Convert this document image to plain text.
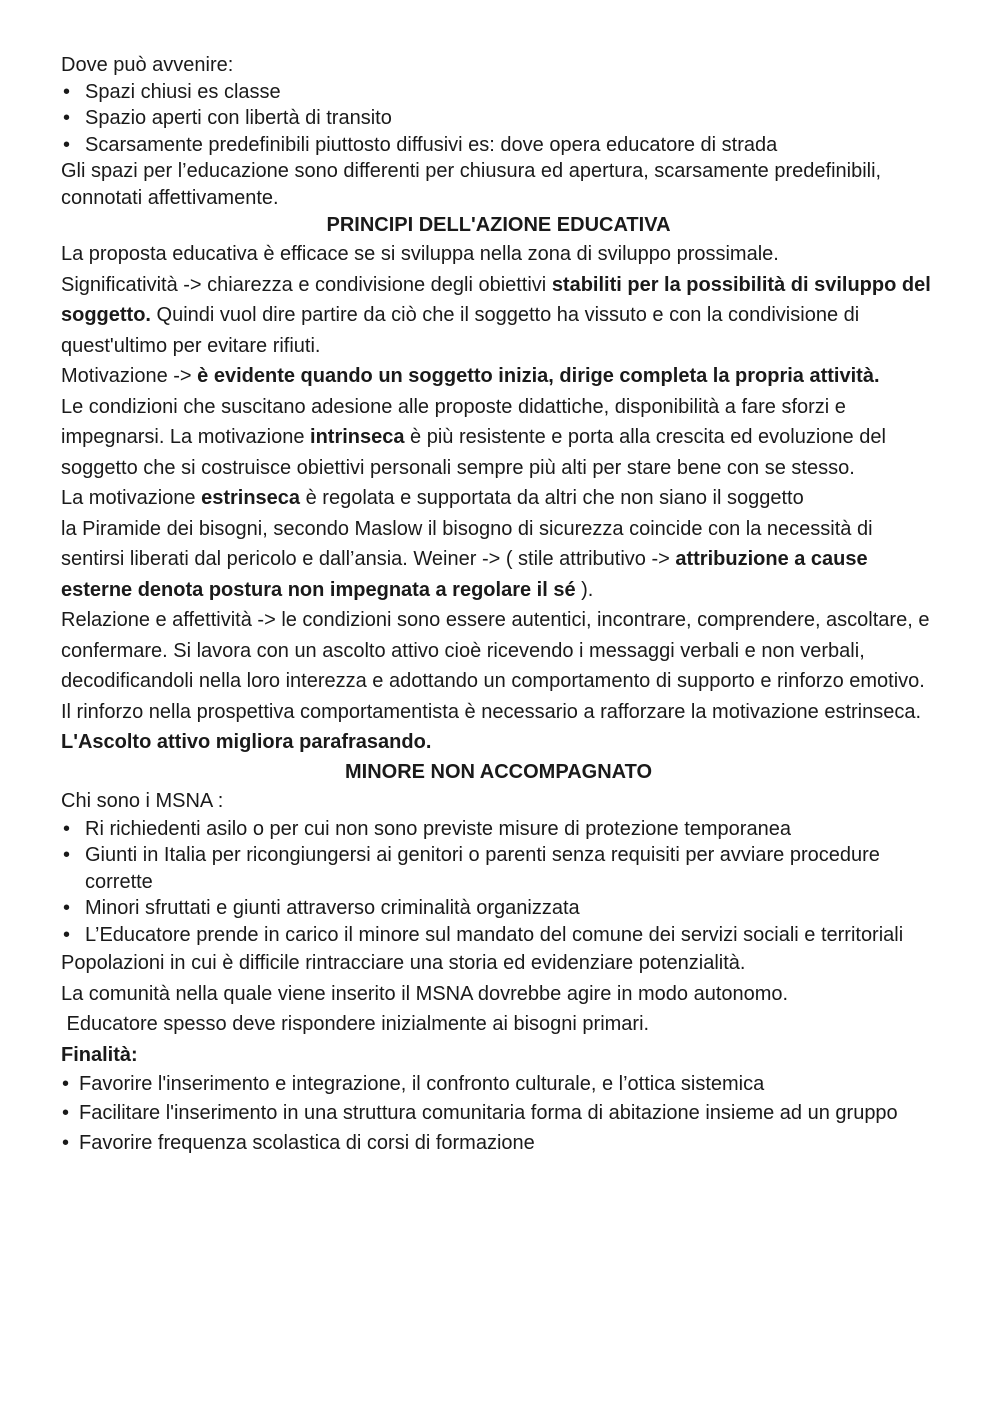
Dove può avvenire:

• Spazi chiusi es classe
• Spazio aperti con libertà di transito
• Scarsamente predefinibili piuttosto diffusivi es: dove opera educatore di strada

Gli spazi per l’educazione sono differenti per chiusura ed apertura, scarsamente predefinibili, connotati affettivamente.

PRINCIPI DELL'AZIONE EDUCATIVA

La proposta educativa è efficace se si sviluppa nella zona di sviluppo prossimale.

Significatività -> chiarezza e condivisione degli obiettivi stabiliti per la possibilità di sviluppo del soggetto. Quindi vuol dire partire da ciò che il soggetto ha vissuto e con la condivisione di quest'ultimo per evitare rifiuti.

Motivazione -> è evidente quando un soggetto inizia, dirige completa la propria attività.

Le condizioni che suscitano adesione alle proposte didattiche, disponibilità a fare sforzi e impegnarsi. La motivazione intrinseca è più resistente e porta alla crescita ed evoluzione del soggetto che si costruisce obiettivi personali sempre più alti per stare bene con se stesso.

La motivazione estrinseca è regolata e supportata da altri che non siano il soggetto

la Piramide dei bisogni, secondo Maslow il bisogno di sicurezza coincide con la necessità di sentirsi liberati dal pericolo e dall’ansia. Weiner -> ( stile attributivo -> attribuzione a cause esterne denota postura non impegnata a regolare il sé ).

Relazione e affettività -> le condizioni sono essere autentici, incontrare, comprendere, ascoltare, e confermare. Si lavora con un ascolto attivo cioè ricevendo i messaggi verbali e non verbali, decodificandoli nella loro interezza e adottando un comportamento di supporto e rinforzo emotivo. Il rinforzo nella prospettiva comportamentista è necessario a rafforzare la motivazione estrinseca. L'Ascolto attivo migliora parafrasando.

MINORE NON ACCOMPAGNATO

Chi sono i MSNA :

• Ri richiedenti asilo o per cui non sono previste misure di protezione temporanea
• Giunti in Italia per ricongiungersi ai genitori o parenti senza requisiti per avviare procedure corrette
• Minori sfruttati e giunti attraverso criminalità organizzata
• L’Educatore prende in carico il minore sul mandato del comune dei servizi sociali e territoriali

Popolazioni in cui è difficile rintracciare una storia ed evidenziare potenzialità.

La comunità nella quale viene inserito il MSNA dovrebbe agire in modo autonomo.

Educatore spesso deve rispondere inizialmente ai bisogni primari.

Finalità:

• Favorire l'inserimento e integrazione, il confronto culturale, e l’ottica sistemica
• Facilitare l'inserimento in una struttura comunitaria forma di abitazione insieme ad un gruppo
• Favorire frequenza scolastica di corsi di formazione
